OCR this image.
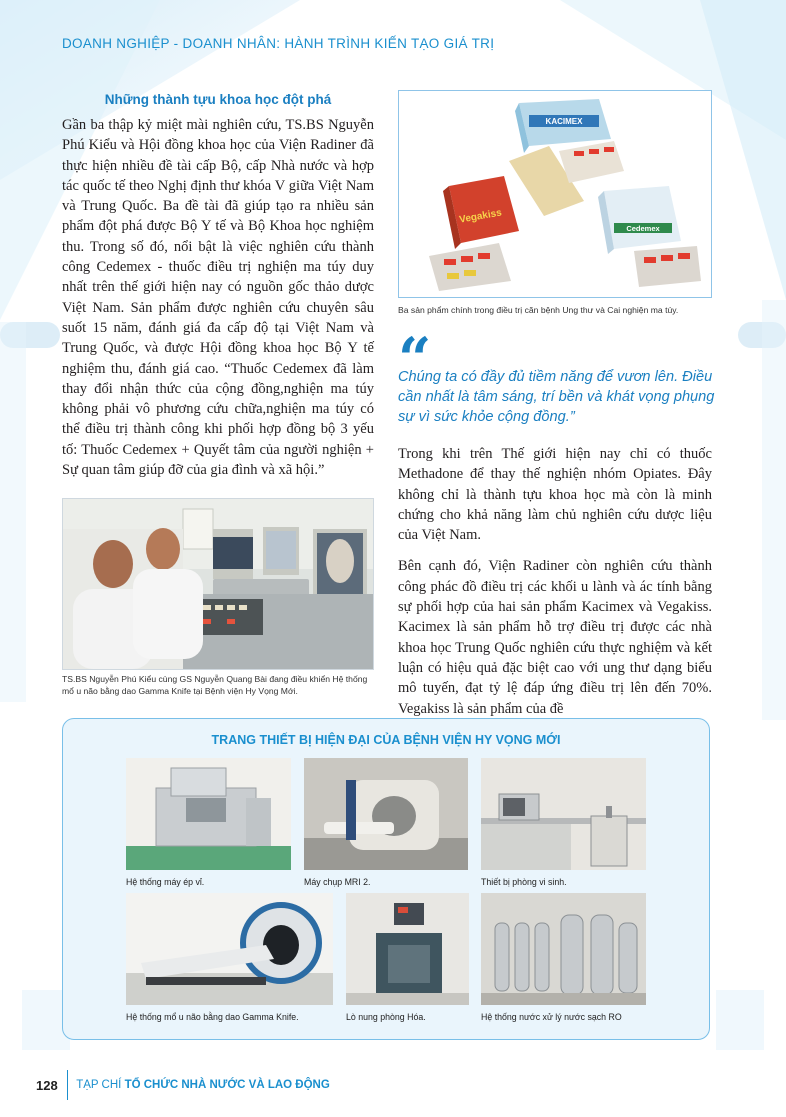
DOANH NGHIỆP - DOANH NHÂN: HÀNH TRÌNH KIẾN TẠO GIÁ TRỊ
Những thành tựu khoa học đột phá

Gần ba thập kỷ miệt mài nghiên cứu, TS.BS Nguyễn Phú Kiểu và Hội đồng khoa học của Viện Radiner đã thực hiện nhiều đề tài cấp Bộ, cấp Nhà nước và hợp tác quốc tế theo Nghị định thư khóa V giữa Việt Nam và Trung Quốc. Ba đề tài đã giúp tạo ra nhiều sản phẩm đột phá được Bộ Y tế và Bộ Khoa học nghiệm thu. Trong số đó, nổi bật là việc nghiên cứu thành công Cedemex - thuốc điều trị nghiện ma túy duy nhất trên thế giới hiện nay có nguồn gốc thảo dược Việt Nam. Sản phẩm được nghiên cứu chuyên sâu suốt 15 năm, đánh giá đa cấp độ tại Việt Nam và Trung Quốc, và được Hội đồng khoa học Bộ Y tế nghiệm thu, đánh giá cao. “Thuốc Cedemex đã làm thay đổi nhận thức của cộng đồng,nghiện ma túy không phải vô phương cứu chữa,nghiện ma túy có thể điều trị thành công khi phối hợp đồng bộ 3 yếu tố: Thuốc Cedemex + Quyết tâm của người nghiện + Sự quan tâm giúp đỡ của gia đình và xã hội.”

TS.BS Nguyễn Phú Kiểu cùng GS Nguyễn Quang Bài đang điều khiển Hệ thống mổ u não bằng dao Gamma Knife tại Bệnh viện Hy Vọng Mới.
KACIMEX
Vegakiss
Cedemex
Ba sản phẩm chính trong điều trị căn bệnh Ung thư và Cai nghiện ma túy.
“
Chúng ta có đầy đủ tiềm năng để vươn lên. Điều cần nhất là tâm sáng, trí bền và khát vọng phụng sự vì sức khỏe cộng đồng.”

Trong khi trên Thế giới hiện nay chỉ có thuốc Methadone để thay thế nghiện nhóm Opiates. Đây không chỉ là thành tựu khoa học mà còn là minh chứng cho khả năng làm chủ nghiên cứu dược liệu của Việt Nam.

Bên cạnh đó, Viện Radiner còn nghiên cứu thành công phác đồ điều trị các khối u lành và ác tính bằng sự phối hợp của hai sản phẩm Kacimex và Vegakiss. Kacimex là sản phẩm hỗ trợ điều trị được các nhà khoa học Trung Quốc nghiên cứu thực nghiệm và kết luận có hiệu quả đặc biệt cao với ung thư dạng biểu mô tuyến, đạt tỷ lệ đáp ứng điều trị lên đến 70%. Vegakiss là sản phẩm của đề

TRANG THIẾT BỊ HIỆN ĐẠI CỦA BỆNH VIỆN HY VỌNG MỚI
Hệ thống máy ép vỉ.	Máy chụp MRI 2.	Thiết bị phòng vi sinh.
Hệ thống mổ u não bằng dao Gamma Knife.	Lò nung phòng Hóa.	Hệ thống nước xử lý nước sạch RO
128 TẠP CHÍ TỔ CHỨC NHÀ NƯỚC VÀ LAO ĐỘNG
